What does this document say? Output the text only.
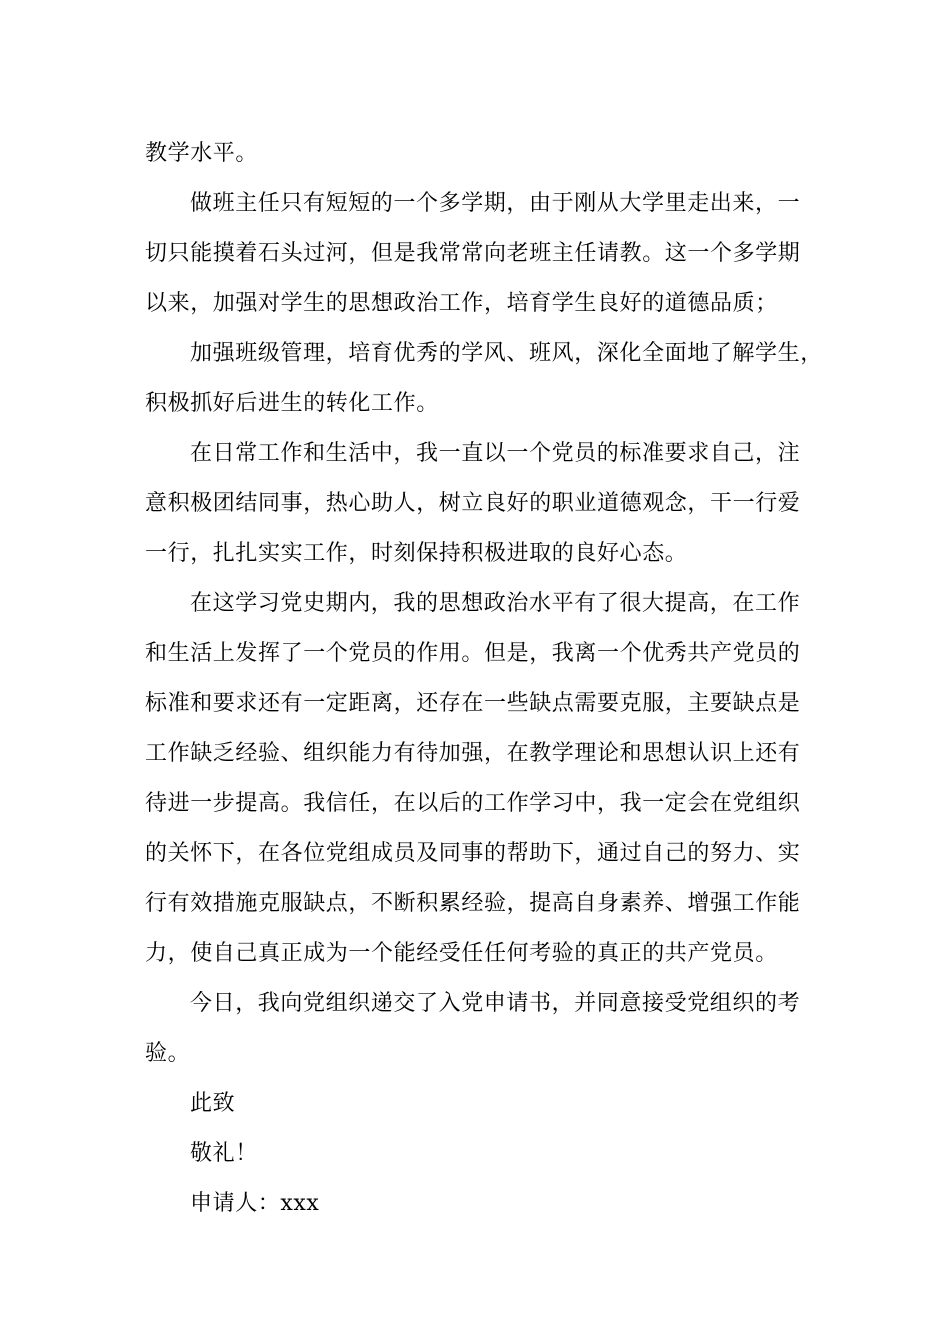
教学水平。
做班主任只有短短的一个多学期，由于刚从大学里走出来，一
切只能摸着石头过河，但是我常常向老班主任请教。这一个多学期
以来，加强对学生的思想政治工作，培育学生良好的道德品质；
加强班级管理，培育优秀的学风、班风，深化全面地了解学生，
积极抓好后进生的转化工作。
在日常工作和生活中，我一直以一个党员的标准要求自己，注
意积极团结同事，热心助人，树立良好的职业道德观念，干一行爱
一行，扎扎实实工作，时刻保持积极进取的良好心态。
在这学习党史期内，我的思想政治水平有了很大提高，在工作
和生活上发挥了一个党员的作用。但是，我离一个优秀共产党员的
标准和要求还有一定距离，还存在一些缺点需要克服，主要缺点是
工作缺乏经验、组织能力有待加强，在教学理论和思想认识上还有
待进一步提高。我信任，在以后的工作学习中，我一定会在党组织
的关怀下，在各位党组成员及同事的帮助下，通过自己的努力、实
行有效措施克服缺点，不断积累经验，提高自身素养、增强工作能
力，使自己真正成为一个能经受任任何考验的真正的共产党员。
今日，我向党组织递交了入党申请书，并同意接受党组织的考
验。
此致
敬礼！
申请人：xxx
